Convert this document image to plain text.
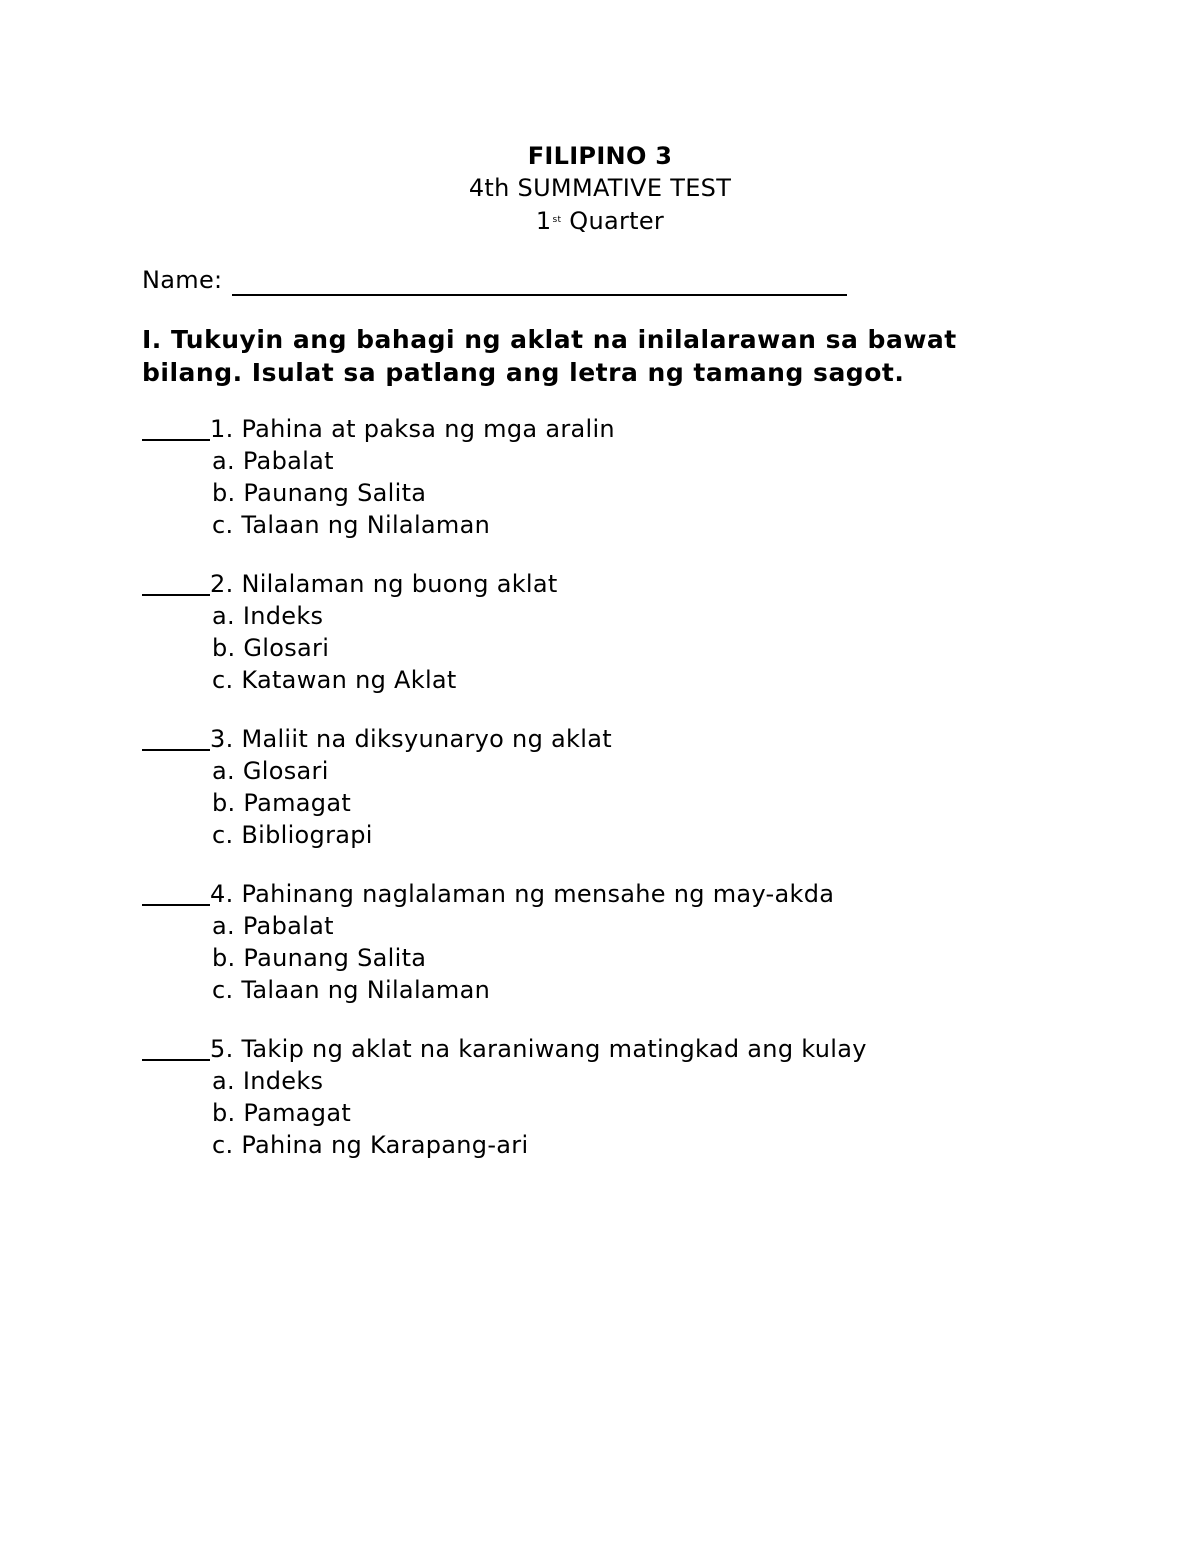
FILIPINO 3
4th SUMMATIVE TEST
1st Quarter
Name:
I. Tukuyin ang bahagi ng aklat na inilalarawan sa bawat bilang. Isulat sa patlang ang letra ng tamang sagot.
1. Pahina at paksa ng mga aralin
a. Pabalat
b. Paunang Salita
c. Talaan ng Nilalaman
2. Nilalaman ng buong aklat
a. Indeks
b. Glosari
c. Katawan ng Aklat
3. Maliit na diksyunaryo ng aklat
a. Glosari
b. Pamagat
c. Bibliograpi
4. Pahinang naglalaman ng mensahe ng may-akda
a. Pabalat
b. Paunang Salita
c. Talaan ng Nilalaman
5. Takip ng aklat na karaniwang matingkad ang kulay
a. Indeks
b. Pamagat
c. Pahina ng Karapang-ari
